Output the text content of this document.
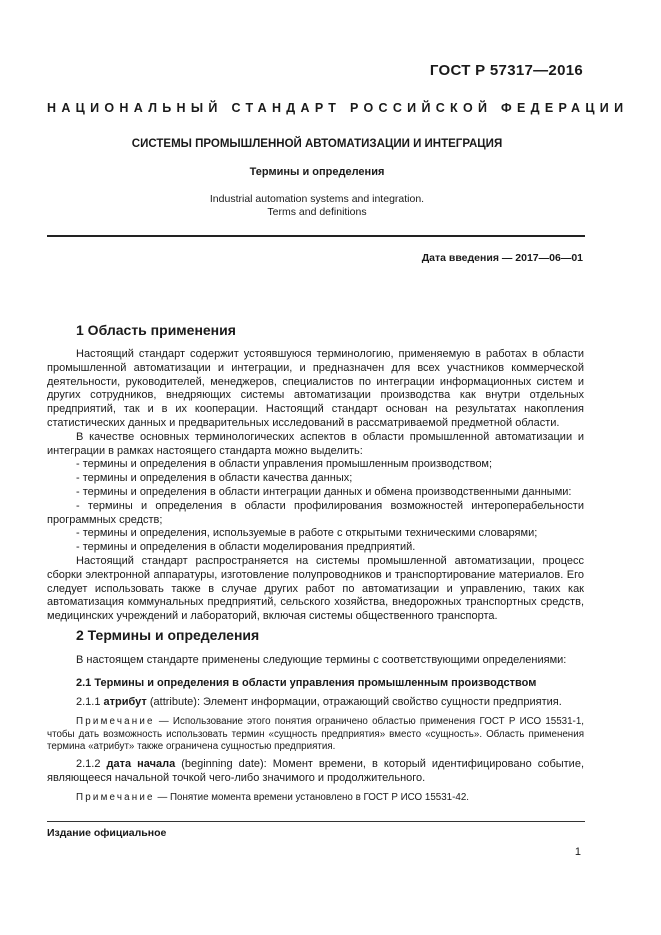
ГОСТ Р 57317—2016
НАЦИОНАЛЬНЫЙ СТАНДАРТ РОССИЙСКОЙ ФЕДЕРАЦИИ
СИСТЕМЫ ПРОМЫШЛЕННОЙ АВТОМАТИЗАЦИИ И ИНТЕГРАЦИЯ
Термины и определения
Industrial automation systems and integration.
Terms and definitions
Дата введения — 2017—06—01
1 Область применения

Настоящий стандарт содержит устоявшуюся терминологию, применяемую в работах в области промышленной автоматизации и интеграции, и предназначен для всех участников коммерческой деятельности, руководителей, менеджеров, специалистов по интеграции информационных систем и других сотрудников, внедряющих системы автоматизации производства как внутри отдельных предприятий, так и в их кооперации. Настоящий стандарт основан на результатах накопления статистических данных и предварительных исследований в рассматриваемой предметной области.

В качестве основных терминологических аспектов в области промышленной автоматизации и интеграции в рамках настоящего стандарта можно выделить:

- термины и определения в области управления промышленным производством;
- термины и определения в области качества данных;
- термины и определения в области интеграции данных и обмена производственными данными:
- термины и определения в области профилирования возможностей интероперабельности программных средств;
- термины и определения, используемые в работе с открытыми техническими словарями;
- термины и определения в области моделирования предприятий.

Настоящий стандарт распространяется на системы промышленной автоматизации, процесс сборки электронной аппаратуры, изготовление полупроводников и транспортирование материалов. Его следует использовать также в случае других работ по автоматизации и управлению, таких как автоматизация коммунальных предприятий, сельского хозяйства, внедорожных транспортных средств, медицинских учреждений и лабораторий, включая системы общественного транспорта.

2 Термины и определения

В настоящем стандарте применены следующие термины с соответствующими определениями:

2.1 Термины и определения в области управления промышленным производством

2.1.1 атрибут (attribute): Элемент информации, отражающий свойство сущности предприятия.

Примечание — Использование этого понятия ограничено областью применения ГОСТ Р ИСО 15531-1, чтобы дать возможность использовать термин «сущность предприятия» вместо «сущность». Область применения термина «атрибут» также ограничена сущностью предприятия.

2.1.2 дата начала (beginning date): Момент времени, в который идентифицировано событие, являющееся начальной точкой чего-либо значимого и продолжительного.

Примечание — Понятие момента времени установлено в ГОСТ Р ИСО 15531-42.

Издание официальное
1
